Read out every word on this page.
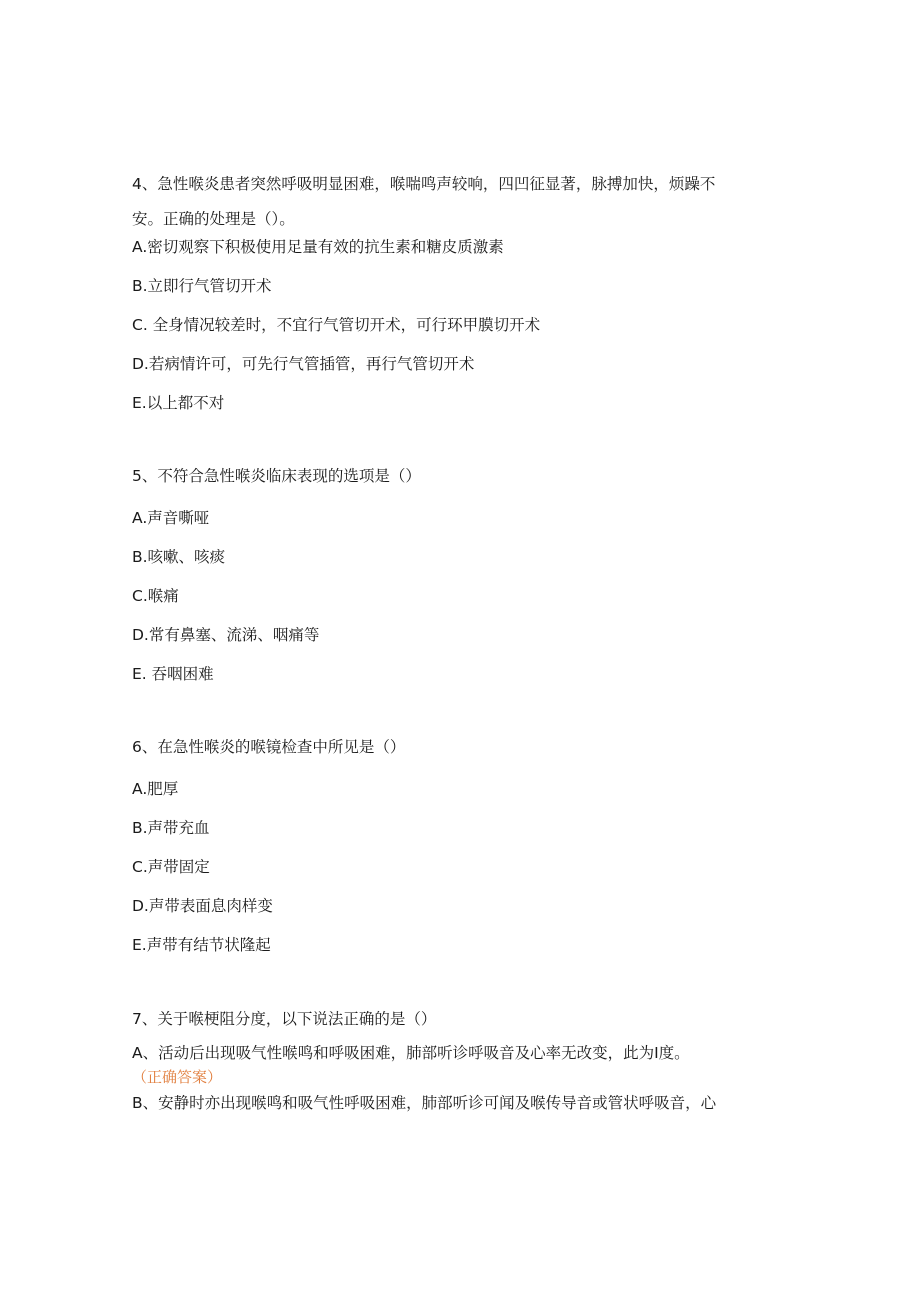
4、急性喉炎患者突然呼吸明显困难，喉喘鸣声较响，四凹征显著，脉搏加快，烦躁不
安。正确的处理是（）。
A.密切观察下积极使用足量有效的抗生素和糖皮质激素
B.立即行气管切开术
C. 全身情况较差时，不宜行气管切开术，可行环甲膜切开术
D.若病情许可，可先行气管插管，再行气管切开术
E.以上都不对
5、不符合急性喉炎临床表现的选项是（）
A.声音嘶哑
B.咳嗽、咳痰
C.喉痛
D.常有鼻塞、流涕、咽痛等
E. 吞咽困难
6、在急性喉炎的喉镜检查中所见是（）
A.肥厚
B.声带充血
C.声带固定
D.声带表面息肉样变
E.声带有结节状隆起
7、关于喉梗阻分度，以下说法正确的是（）
A、活动后出现吸气性喉鸣和呼吸困难，肺部听诊呼吸音及心率无改变，此为Ⅰ度。
（正确答案）
B、安静时亦出现喉鸣和吸气性呼吸困难，肺部听诊可闻及喉传导音或管状呼吸音，心
